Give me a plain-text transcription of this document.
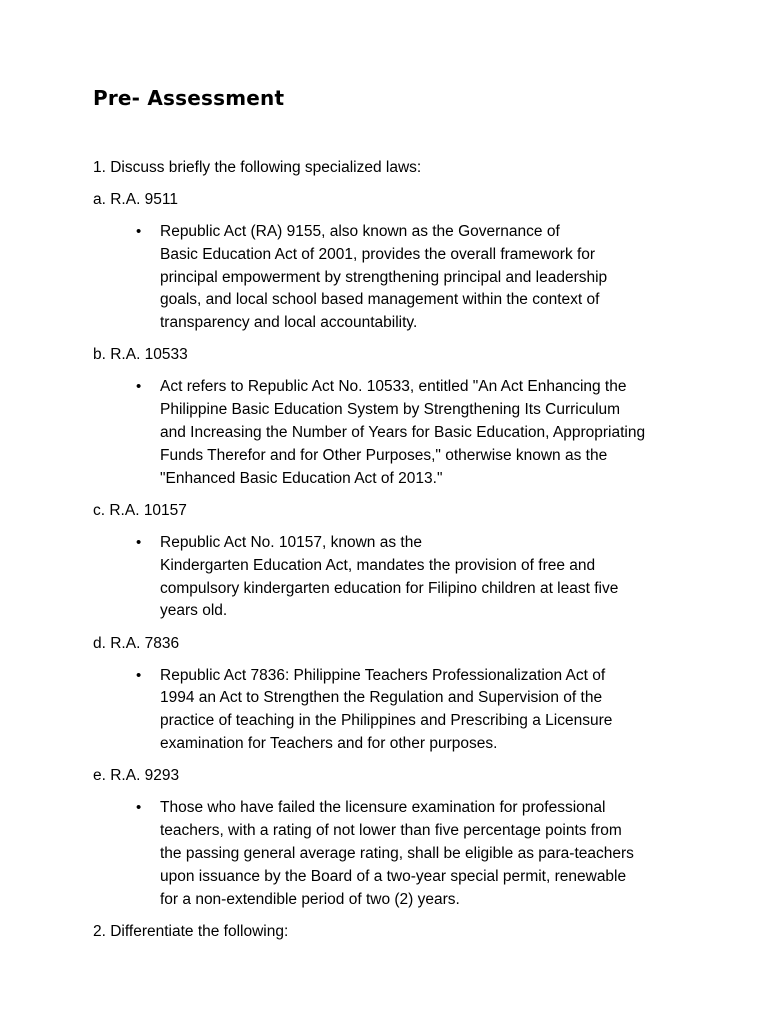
Pre- Assessment

1. Discuss briefly the following specialized laws:

a. R.A. 9511

• Republic Act (RA) 9155, also known as the Governance of
Basic Education Act of 2001, provides the overall framework for
principal empowerment by strengthening principal and leadership
goals, and local school based management within the context of
transparency and local accountability.

b. R.A. 10533

• Act refers to Republic Act No. 10533, entitled "An Act Enhancing the
Philippine Basic Education System by Strengthening Its Curriculum
and Increasing the Number of Years for Basic Education, Appropriating
Funds Therefor and for Other Purposes," otherwise known as the
"Enhanced Basic Education Act of 2013."

c. R.A. 10157

• Republic Act No. 10157, known as the
Kindergarten Education Act, mandates the provision of free and
compulsory kindergarten education for Filipino children at least five
years old.

d. R.A. 7836

• Republic Act 7836: Philippine Teachers Professionalization Act of
1994 an Act to Strengthen the Regulation and Supervision of the
practice of teaching in the Philippines and Prescribing a Licensure
examination for Teachers and for other purposes.

e. R.A. 9293

• Those who have failed the licensure examination for professional
teachers, with a rating of not lower than five percentage points from
the passing general average rating, shall be eligible as para-teachers
upon issuance by the Board of a two-year special permit, renewable
for a non-extendible period of two (2) years.

2. Differentiate the following:
